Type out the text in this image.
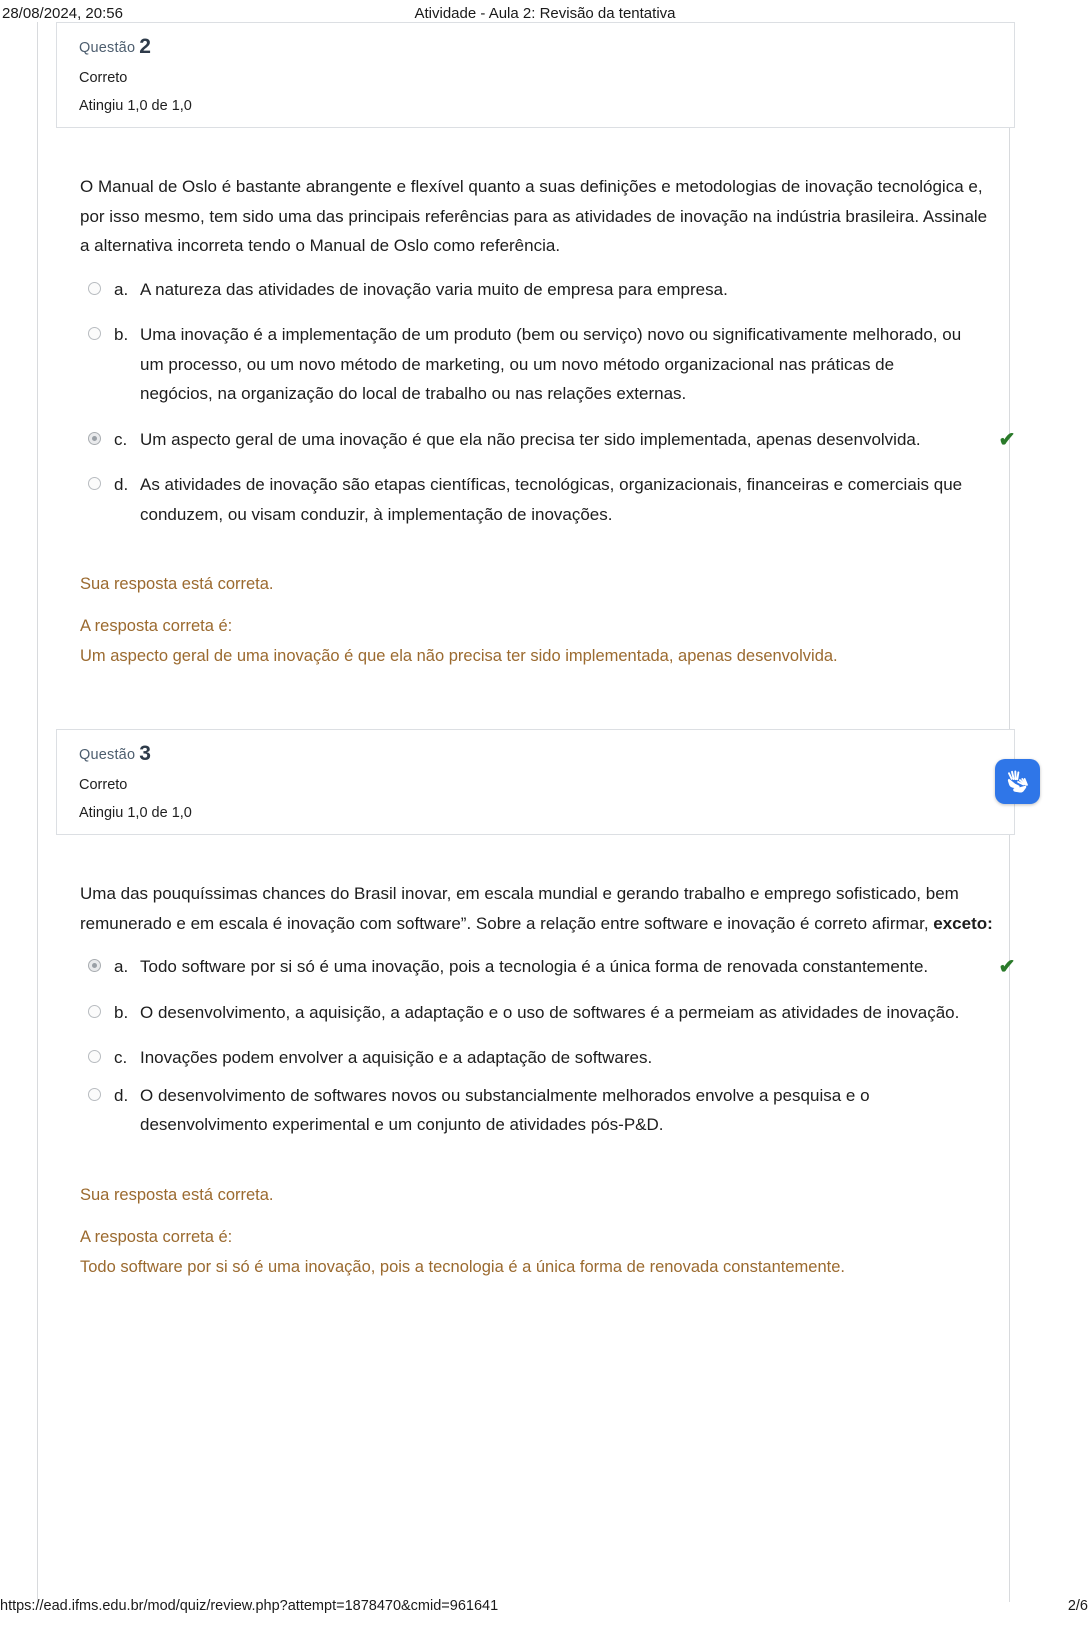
28/08/2024, 20:56	Atividade - Aula 2: Revisão da tentativa
Questão 2
Correto
Atingiu 1,0 de 1,0

O Manual de Oslo é bastante abrangente e flexível quanto a suas definições e metodologias de inovação tecnológica e, por isso mesmo, tem sido uma das principais referências para as atividades de inovação na indústria brasileira. Assinale a alternativa incorreta tendo o Manual de Oslo como referência.

a. A natureza das atividades de inovação varia muito de empresa para empresa.
b. Uma inovação é a implementação de um produto (bem ou serviço) novo ou significativamente melhorado, ou um processo, ou um novo método de marketing, ou um novo método organizacional nas práticas de negócios, na organização do local de trabalho ou nas relações externas.
c. Um aspecto geral de uma inovação é que ela não precisa ter sido implementada, apenas desenvolvida.	✔
d. As atividades de inovação são etapas científicas, tecnológicas, organizacionais, financeiras e comerciais que conduzem, ou visam conduzir, à implementação de inovações.
Sua resposta está correta.
A resposta correta é:
Um aspecto geral de uma inovação é que ela não precisa ter sido implementada, apenas desenvolvida.
Questão 3
Correto
Atingiu 1,0 de 1,0

Uma das pouquíssimas chances do Brasil inovar, em escala mundial e gerando trabalho e emprego sofisticado, bem remunerado e em escala é inovação com software”. Sobre a relação entre software e inovação é correto afirmar, exceto:

a. Todo software por si só é uma inovação, pois a tecnologia é a única forma de renovada constantemente.	✔
b. O desenvolvimento, a aquisição, a adaptação e o uso de softwares é a permeiam as atividades de inovação.
c. Inovações podem envolver a aquisição e a adaptação de softwares.
d. O desenvolvimento de softwares novos ou substancialmente melhorados envolve a pesquisa e o desenvolvimento experimental e um conjunto de atividades pós-P&D.
Sua resposta está correta.
A resposta correta é:
Todo software por si só é uma inovação, pois a tecnologia é a única forma de renovada constantemente.
https://ead.ifms.edu.br/mod/quiz/review.php?attempt=1878470&cmid=961641	2/6
